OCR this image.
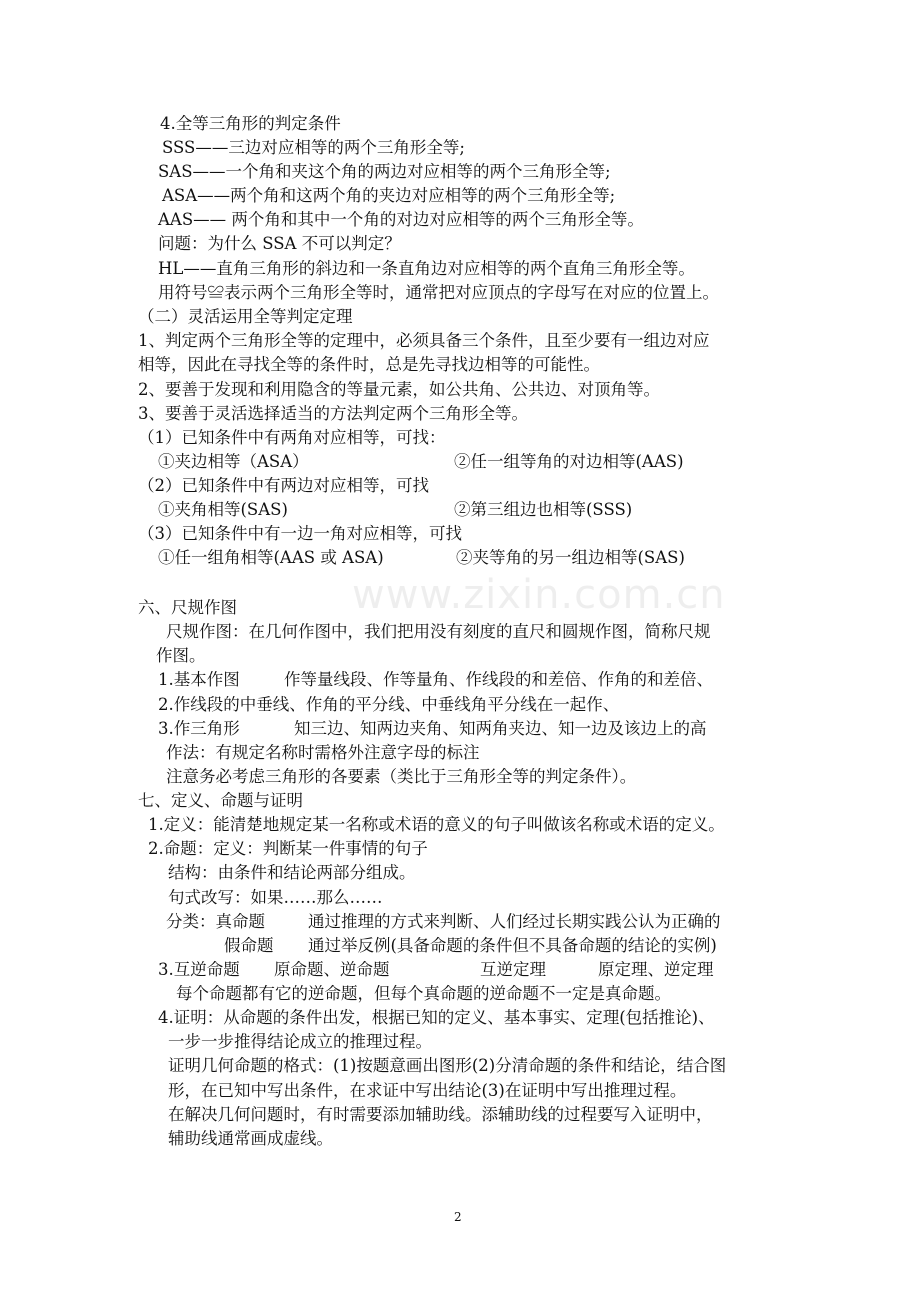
www.zixin.com.cn
4.全等三角形的判定条件
SSS——三边对应相等的两个三角形全等;
SAS——一个角和夹这个角的两边对应相等的两个三角形全等;
ASA——两个角和这两个角的夹边对应相等的两个三角形全等;
AAS—— 两个角和其中一个角的对边对应相等的两个三角形全等。
问题：为什么 SSA 不可以判定？
HL——直角三角形的斜边和一条直角边对应相等的两个直角三角形全等。
用符号≌表示两个三角形全等时，通常把对应顶点的字母写在对应的位置上。
（二）灵活运用全等判定定理
1、判定两个三角形全等的定理中，必须具备三个条件，且至少要有一组边对应
相等，因此在寻找全等的条件时，总是先寻找边相等的可能性。
2、要善于发现和利用隐含的等量元素，如公共角、公共边、对顶角等。
3、要善于灵活选择适当的方法判定两个三角形全等。
（1）已知条件中有两角对应相等，可找：
①夹边相等（ASA）	②任一组等角的对边相等(AAS)
（2）已知条件中有两边对应相等，可找
①夹角相等(SAS)	②第三组边也相等(SSS)
（3）已知条件中有一边一角对应相等，可找
①任一组角相等(AAS 或 ASA)	②夹等角的另一组边相等(SAS)
六、尺规作图
尺规作图：在几何作图中，我们把用没有刻度的直尺和圆规作图，简称尺规
作图。
1.基本作图	作等量线段、作等量角、作线段的和差倍、作角的和差倍、
2.作线段的中垂线、作角的平分线、中垂线角平分线在一起作、
3.作三角形	知三边、知两边夹角、知两角夹边、知一边及该边上的高
作法：有规定名称时需格外注意字母的标注
注意务必考虑三角形的各要素（类比于三角形全等的判定条件）。
七、定义、命题与证明
1.定义：能清楚地规定某一名称或术语的意义的句子叫做该名称或术语的定义。
2.命题：定义：判断某一件事情的句子
结构：由条件和结论两部分组成。
句式改写：如果……那么……
分类：真命题	通过推理的方式来判断、人们经过长期实践公认为正确的
假命题 通过举反例(具备命题的条件但不具备命题的结论的实例)
3.互逆命题 原命题、逆命题	互逆定理	原定理、逆定理
每个命题都有它的逆命题，但每个真命题的逆命题不一定是真命题。
4.证明：从命题的条件出发，根据已知的定义、基本事实、定理(包括推论)、
一步一步推得结论成立的推理过程。
证明几何命题的格式：(1)按题意画出图形(2)分清命题的条件和结论，结合图
形，在已知中写出条件，在求证中写出结论(3)在证明中写出推理过程。
在解决几何问题时，有时需要添加辅助线。添辅助线的过程要写入证明中，
辅助线通常画成虚线。
2
